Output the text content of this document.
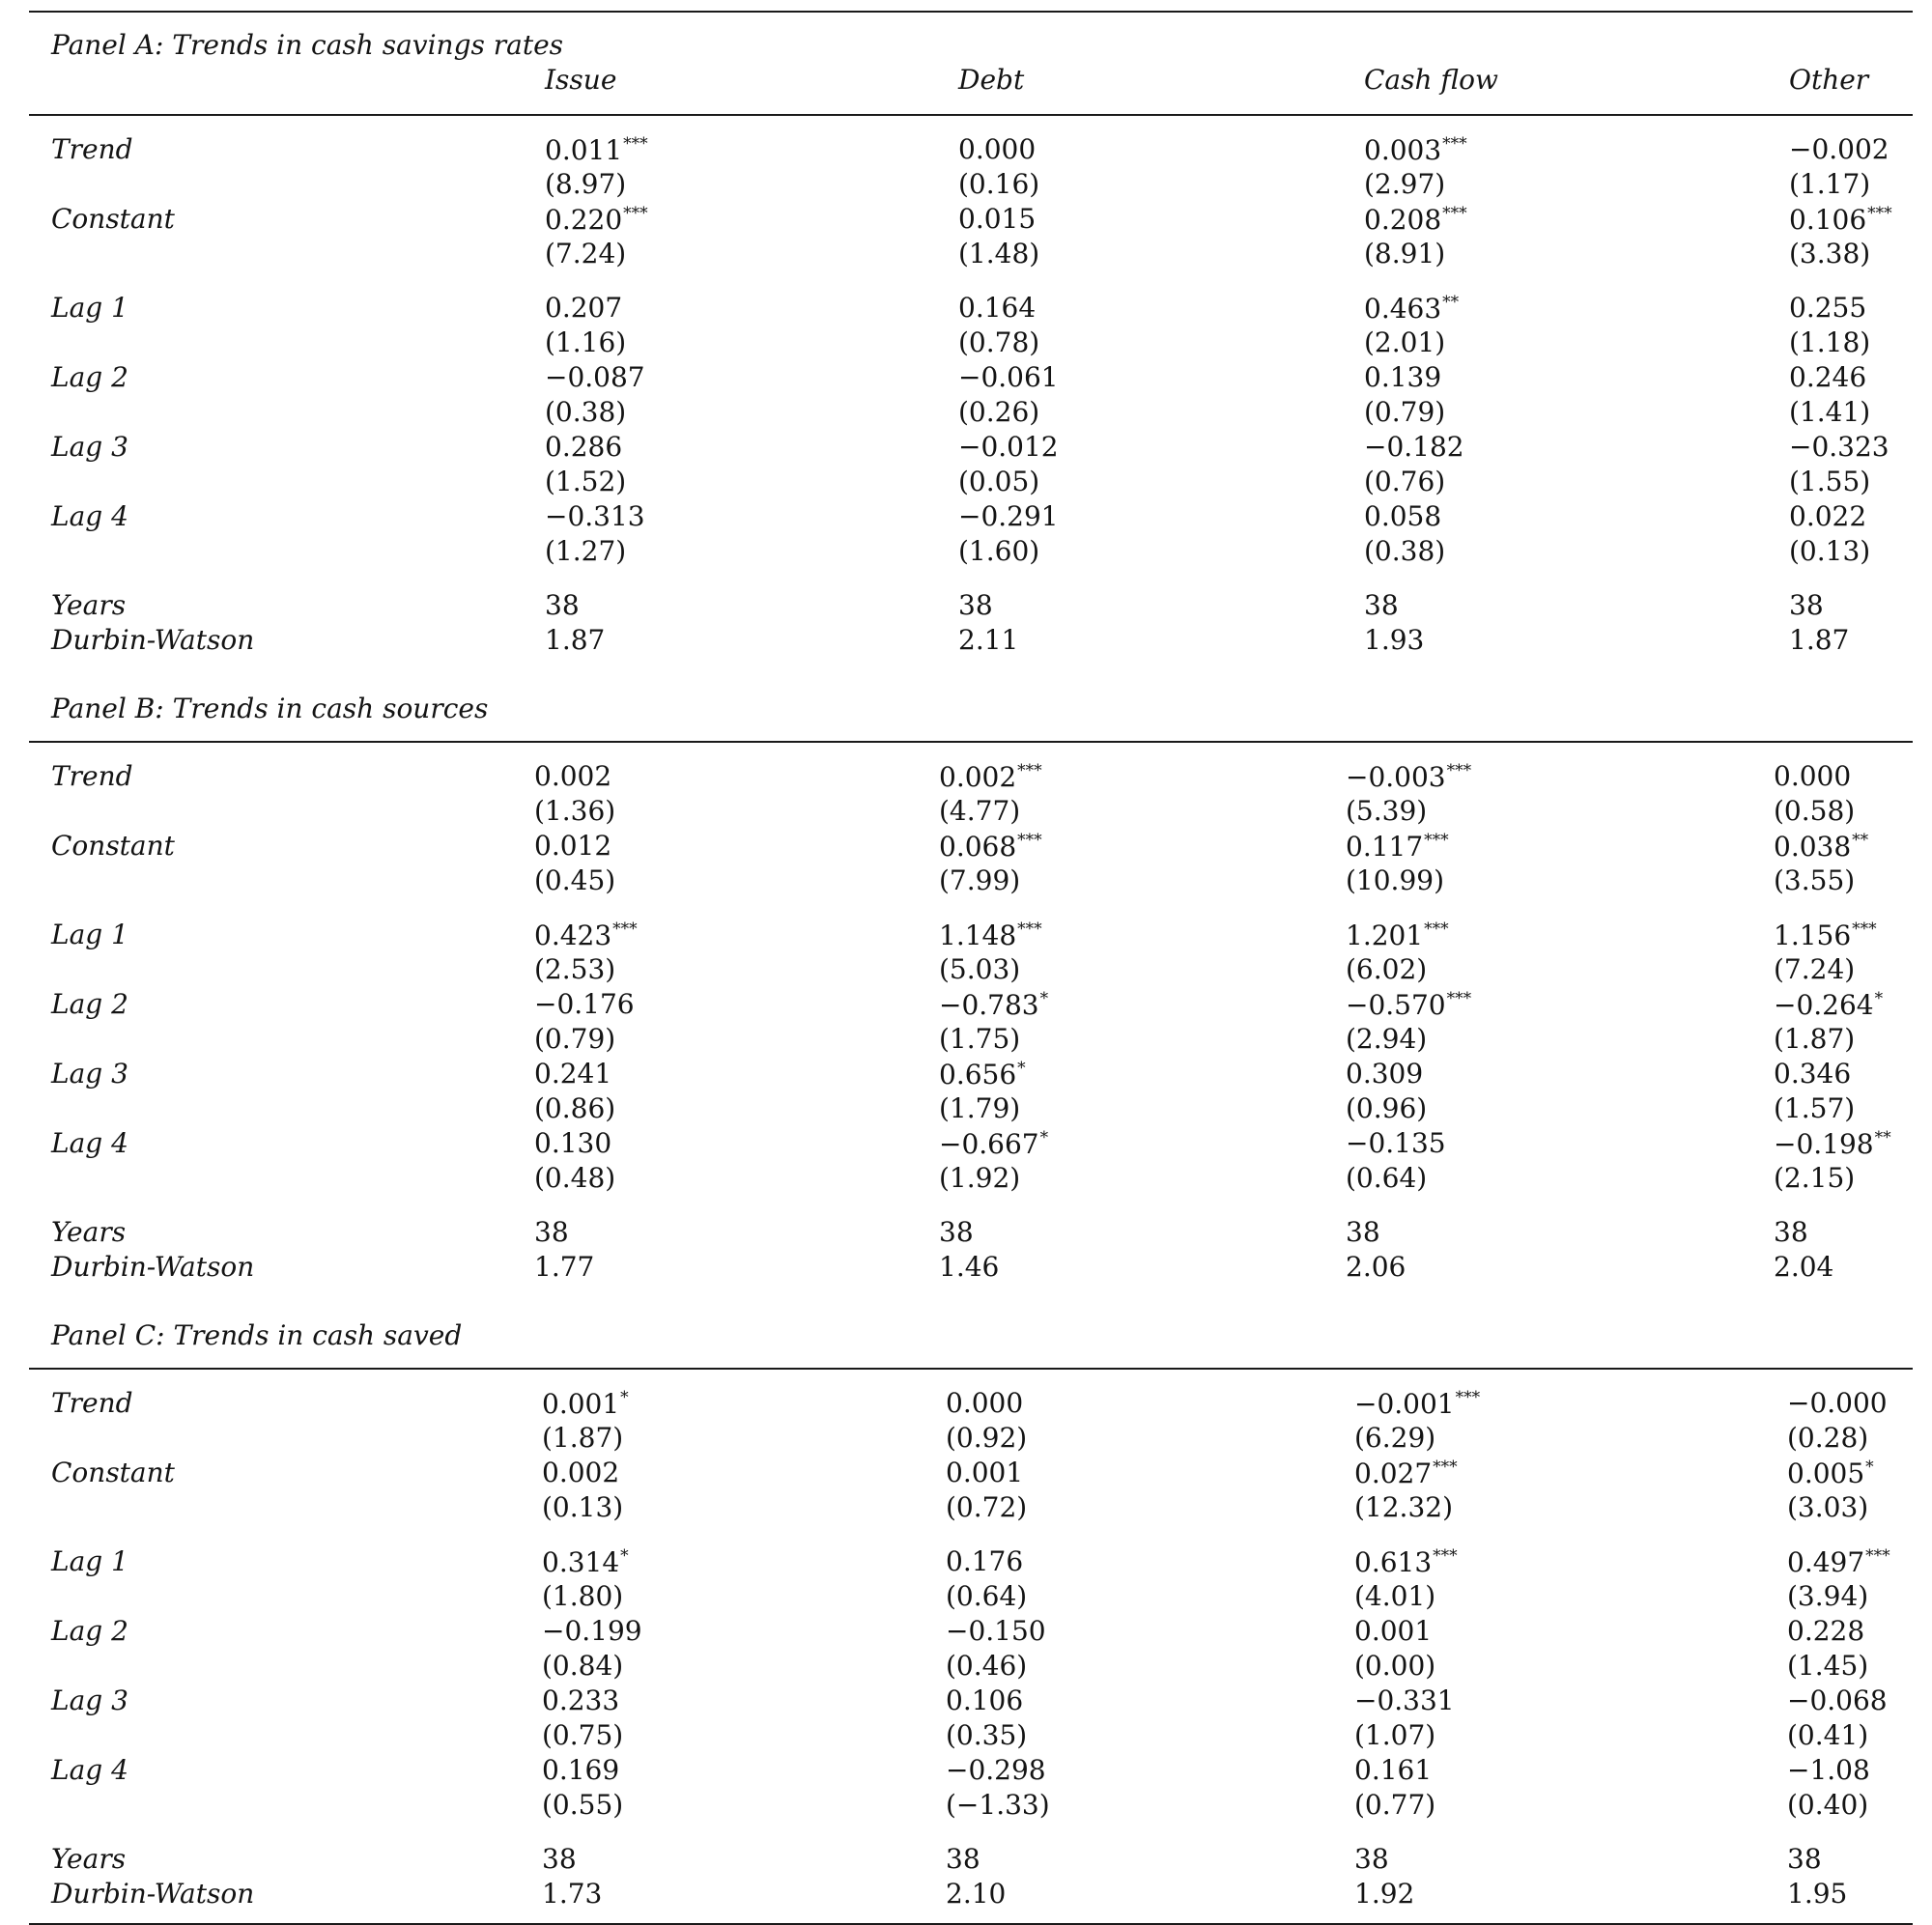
Issue	Debt	Cash flow	Other
Panel A: Trends in cash savings rates
Trend	0.011***	0.000	0.003***	−0.002
(8.97)	(0.16)	(2.97)	(1.17)
Constant	0.220***	0.015	0.208***	0.106***
(7.24)	(1.48)	(8.91)	(3.38)
Lag 1	0.207	0.164	0.463**	0.255
(1.16)	(0.78)	(2.01)	(1.18)
Lag 2	−0.087	−0.061	0.139	0.246
(0.38)	(0.26)	(0.79)	(1.41)
Lag 3	0.286	−0.012	−0.182	−0.323
(1.52)	(0.05)	(0.76)	(1.55)
Lag 4	−0.313	−0.291	0.058	0.022
(1.27)	(1.60)	(0.38)	(0.13)
Years	38	38	38	38
Durbin-Watson	1.87	2.11	1.93	1.87
Panel B: Trends in cash sources
Trend	0.002	0.002***	−0.003***	0.000
(1.36)	(4.77)	(5.39)	(0.58)
Constant	0.012	0.068***	0.117***	0.038**
(0.45)	(7.99)	(10.99)	(3.55)
Lag 1	0.423***	1.148***	1.201***	1.156***
(2.53)	(5.03)	(6.02)	(7.24)
Lag 2	−0.176	−0.783*	−0.570***	−0.264*
(0.79)	(1.75)	(2.94)	(1.87)
Lag 3	0.241	0.656*	0.309	0.346
(0.86)	(1.79)	(0.96)	(1.57)
Lag 4	0.130	−0.667*	−0.135	−0.198**
(0.48)	(1.92)	(0.64)	(2.15)
Years	38	38	38	38
Durbin-Watson	1.77	1.46	2.06	2.04
Panel C: Trends in cash saved
Trend	0.001*	0.000	−0.001***	−0.000
(1.87)	(0.92)	(6.29)	(0.28)
Constant	0.002	0.001	0.027***	0.005*
(0.13)	(0.72)	(12.32)	(3.03)
Lag 1	0.314*	0.176	0.613***	0.497***
(1.80)	(0.64)	(4.01)	(3.94)
Lag 2	−0.199	−0.150	0.001	0.228
(0.84)	(0.46)	(0.00)	(1.45)
Lag 3	0.233	0.106	−0.331	−0.068
(0.75)	(0.35)	(1.07)	(0.41)
Lag 4	0.169	−0.298	0.161	−1.08
(0.55)	(−1.33)	(0.77)	(0.40)
Years	38	38	38	38
Durbin-Watson	1.73	2.10	1.92	1.95
